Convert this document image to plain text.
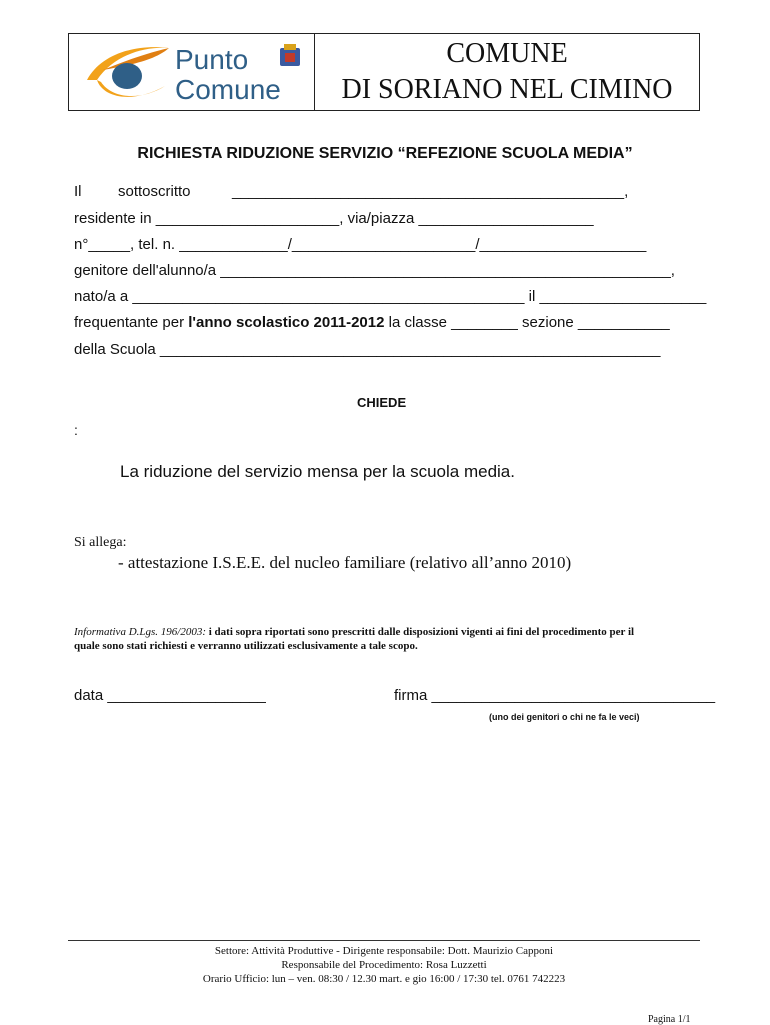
Punto
Comune
COMUNE
DI SORIANO NEL CIMINO
RICHIESTA RIDUZIONE SERVIZIO “REFEZIONE SCUOLA MEDIA”
Il sottoscritto	_______________________________________________,
residente in ______________________, via/piazza _____________________
n°_____, tel. n. _____________/______________________/____________________
genitore dell'alunno/a ______________________________________________________,
nato/a a _______________________________________________ il ____________________
frequentante per l'anno scolastico 2011-2012 la classe ________ sezione ___________
della Scuola ____________________________________________________________
CHIEDE
:
La riduzione del servizio mensa per la scuola media.
Si allega:
- attestazione I.S.E.E. del nucleo familiare (relativo all’anno 2010)
Informativa D.Lgs. 196/2003: i dati sopra riportati sono prescritti dalle disposizioni vigenti ai fini del procedimento per il
quale sono stati richiesti e verranno utilizzati esclusivamente a tale scopo.
data ___________________	firma __________________________________
(uno dei genitori o chi ne fa le veci)
Settore: Attività Produttive - Dirigente responsabile: Dott. Maurizio Capponi
Responsabile del Procedimento: Rosa Luzzetti
Orario Ufficio: lun – ven. 08:30 / 12.30 mart. e gio 16:00 / 17:30 tel. 0761 742223
Pagina 1/1
